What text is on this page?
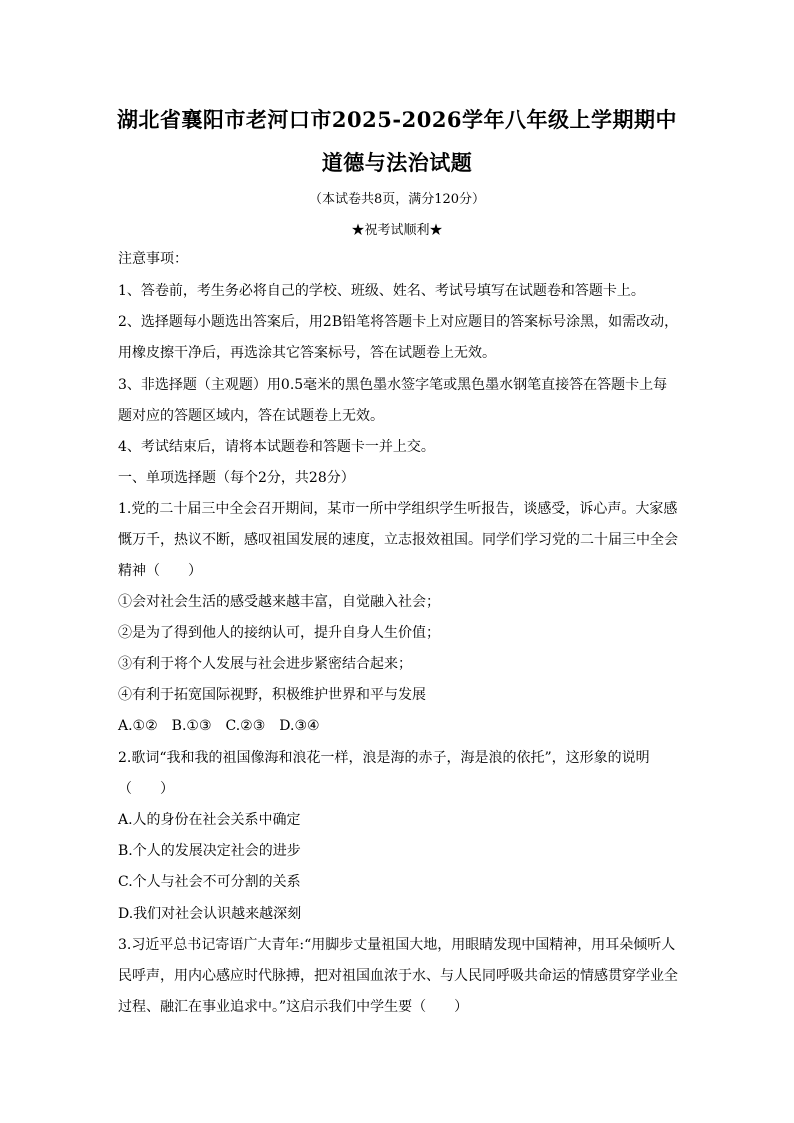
湖北省襄阳市老河口市2025-2026学年八年级上学期期中
道德与法治试题
（本试卷共8页，满分120分）
★祝考试顺利★
注意事项：
1、答卷前，考生务必将自己的学校、班级、姓名、考试号填写在试题卷和答题卡上。
2、选择题每小题选出答案后，用2B铅笔将答题卡上对应题目的答案标号涂黑，如需改动，
用橡皮擦干净后，再选涂其它答案标号，答在试题卷上无效。
3、非选择题（主观题）用0.5毫米的黑色墨水签字笔或黑色墨水钢笔直接答在答题卡上每
题对应的答题区域内，答在试题卷上无效。
4、考试结束后，请将本试题卷和答题卡一并上交。
一、单项选择题（每个2分，共28分）
1.党的二十届三中全会召开期间，某市一所中学组织学生听报告，谈感受，诉心声。大家感
慨万千，热议不断，感叹祖国发展的速度，立志报效祖国。同学们学习党的二十届三中全会
精神（　　）
①会对社会生活的感受越来越丰富，自觉融入社会；
②是为了得到他人的接纳认可，提升自身人生价值；
③有利于将个人发展与社会进步紧密结合起来；
④有利于拓宽国际视野，积极维护世界和平与发展
A.①②　B.①③　C.②③　D.③④
2.歌词“我和我的祖国像海和浪花一样，浪是海的赤子，海是浪的依托”，这形象的说明
（　　）
A.人的身份在社会关系中确定
B.个人的发展决定社会的进步
C.个人与社会不可分割的关系
D.我们对社会认识越来越深刻
3.习近平总书记寄语广大青年:“用脚步丈量祖国大地，用眼睛发现中国精神，用耳朵倾听人
民呼声，用内心感应时代脉搏，把对祖国血浓于水、与人民同呼吸共命运的情感贯穿学业全
过程、融汇在事业追求中。”这启示我们中学生要（　　）
